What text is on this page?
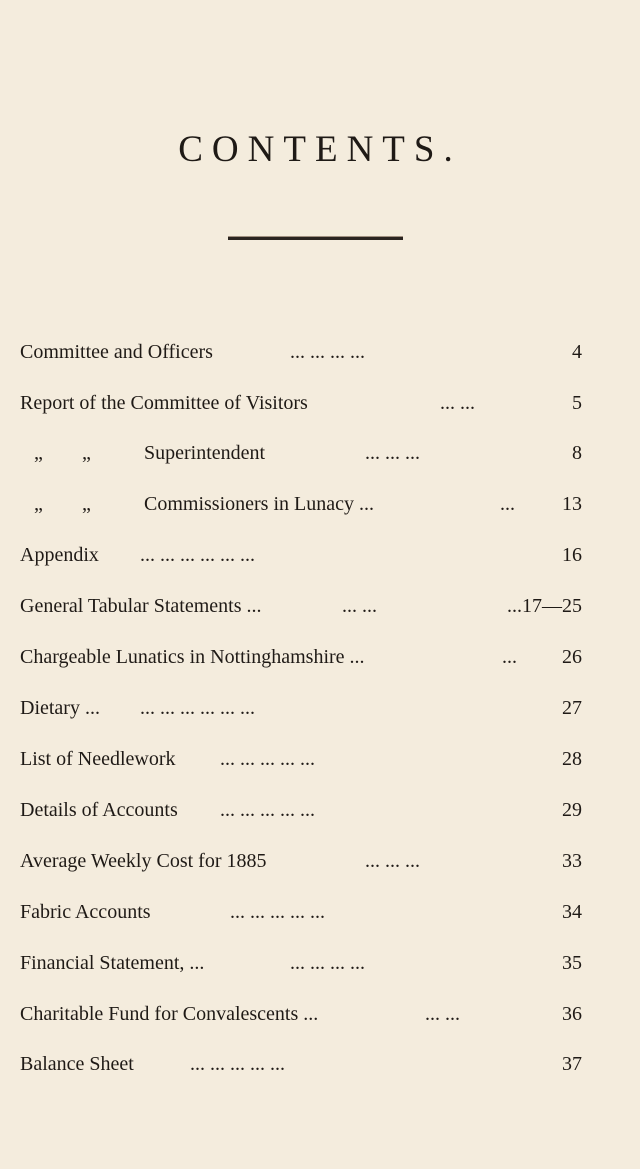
CONTENTS.
Committee and Officers	... ... ... ...	4
Report of the Committee of Visitors	... ...	5
„ „	Superintendent	... ... ...	8
„ „	Commissioners in Lunacy ...	... 13
Appendix ... ... ... ... ... ...	16
General Tabular Statements ...	... ...	...17—25
Chargeable Lunatics in Nottinghamshire ...	... 26
Dietary ... ... ... ... ... ... ...	27
List of Needlework ... ... ... ... ...	28
Details of Accounts ... ... ... ... ...	29
Average Weekly Cost for 1885	... ... ...	33
Fabric Accounts	... ... ... ... ...	34
Financial Statement, ...	... ... ... ...	35
Charitable Fund for Convalescents ...	... ...	36
Balance Sheet	... ... ... ... ...	37
